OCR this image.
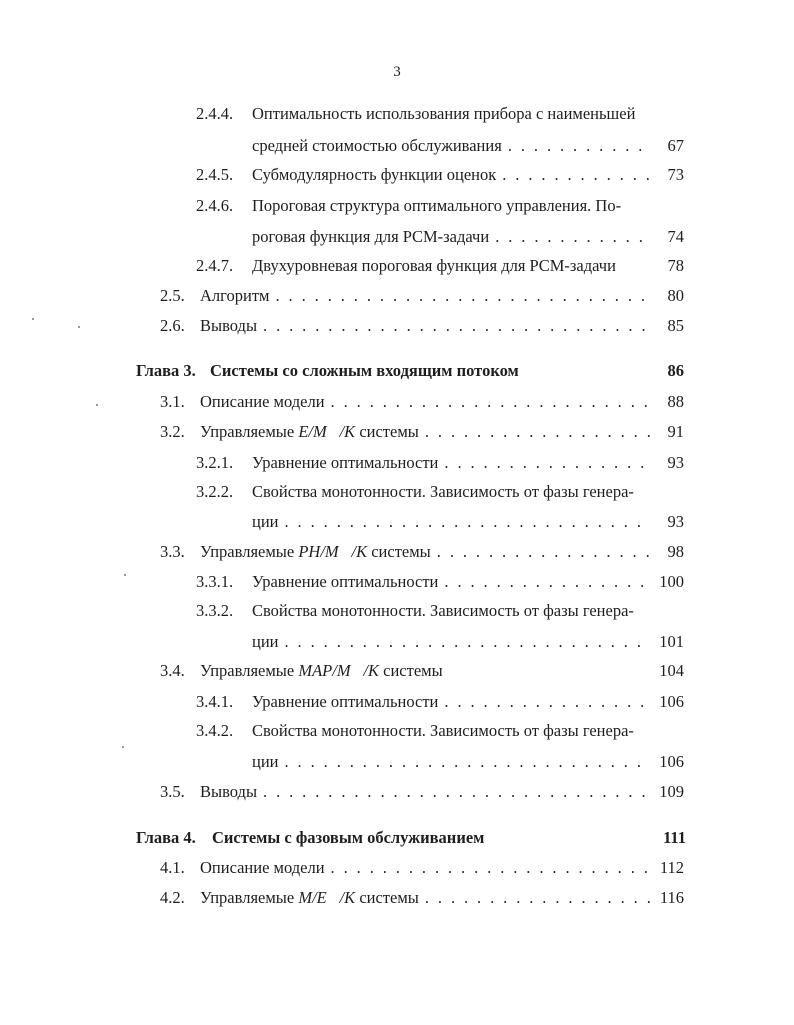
3
2.4.4.	Оптимальность использования прибора с наименьшей
средней стоимостью обслуживания . . .	67
2.4.5.	Субмодулярность функции оценок . . .	73
2.4.6.	Пороговая структура оптимального управления. По-
роговая функция для PCM-задачи . . .	74
2.4.7.	Двухуровневая пороговая функция для PCM-задачи	78
2.5. Алгоритм . . .	80
2.6. Выводы . . .	85
Глава 3. Системы со сложным входящим потоком	86
3.1. Описание модели . . .	88
3.2. Управляемые E/M⃗/K системы . . .	91
3.2.1.	Уравнение оптимальности . . .	93
3.2.2.	Свойства монотонности. Зависимость от фазы генера-
ции . . .	93
3.3. Управляемые PH/M⃗/K системы . . .	98
3.3.1.	Уравнение оптимальности . . .	100
3.3.2.	Свойства монотонности. Зависимость от фазы генера-
ции . . .	101
3.4. Управляемые MAP/M⃗/K системы	104
3.4.1.	Уравнение оптимальности . . .	106
3.4.2.	Свойства монотонности. Зависимость от фазы генера-
ции . . .	106
3.5. Выводы . . .	109
Глава 4. Системы с фазовым обслуживанием	111
4.1. Описание модели . . .	112
4.2. Управляемые M/E⃗/K системы . . .	116
